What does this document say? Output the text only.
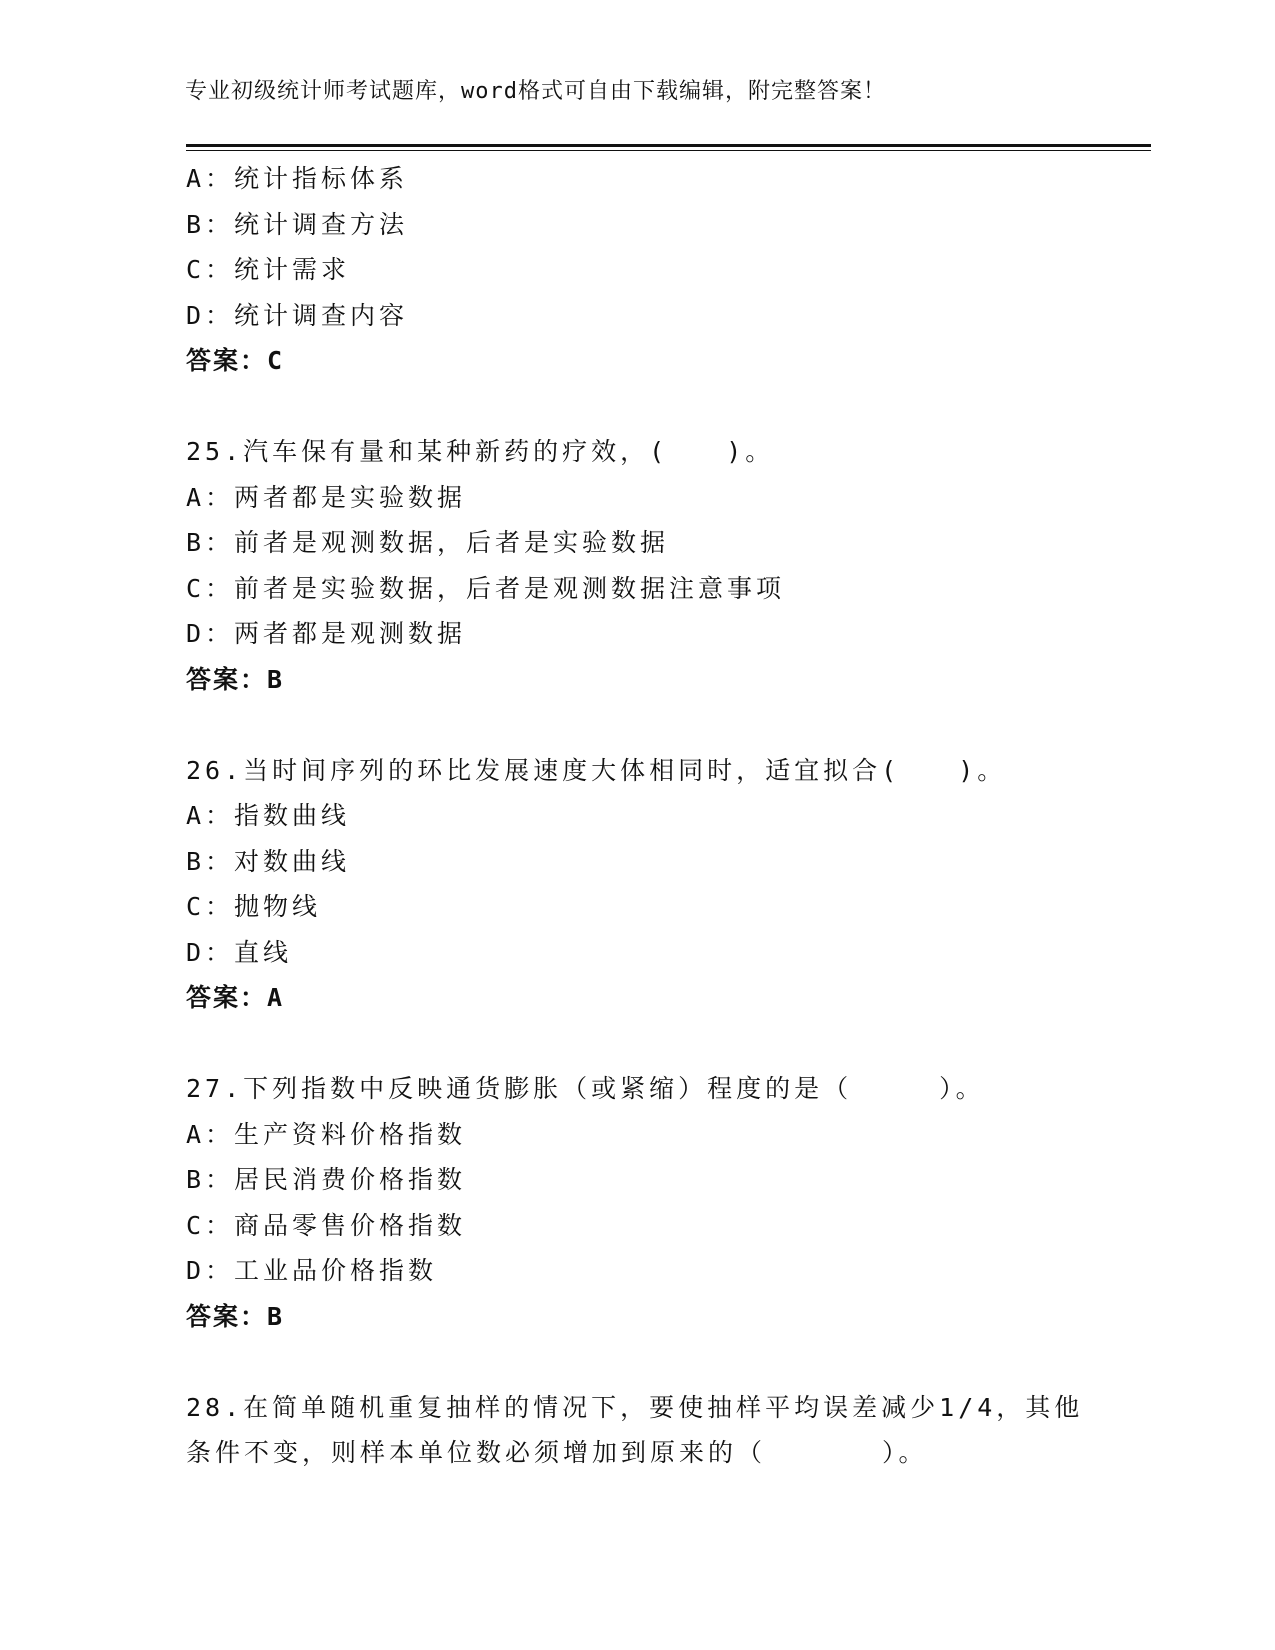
专业初级统计师考试题库，word格式可自由下载编辑，附完整答案！
A：统计指标体系
B：统计调查方法
C：统计需求
D：统计调查内容
答案：C
25.汽车保有量和某种新药的疗效，(　　)。
A：两者都是实验数据
B：前者是观测数据，后者是实验数据
C：前者是实验数据，后者是观测数据注意事项
D：两者都是观测数据
答案：B
26.当时间序列的环比发展速度大体相同时，适宜拟合(　　)。
A：指数曲线
B：对数曲线
C：抛物线
D：直线
答案：A
27.下列指数中反映通货膨胀（或紧缩）程度的是（　　　）。
A：生产资料价格指数
B：居民消费价格指数
C：商品零售价格指数
D：工业品价格指数
答案：B
28.在简单随机重复抽样的情况下，要使抽样平均误差减少1/4，其他
条件不变，则样本单位数必须增加到原来的（　　　　）。
